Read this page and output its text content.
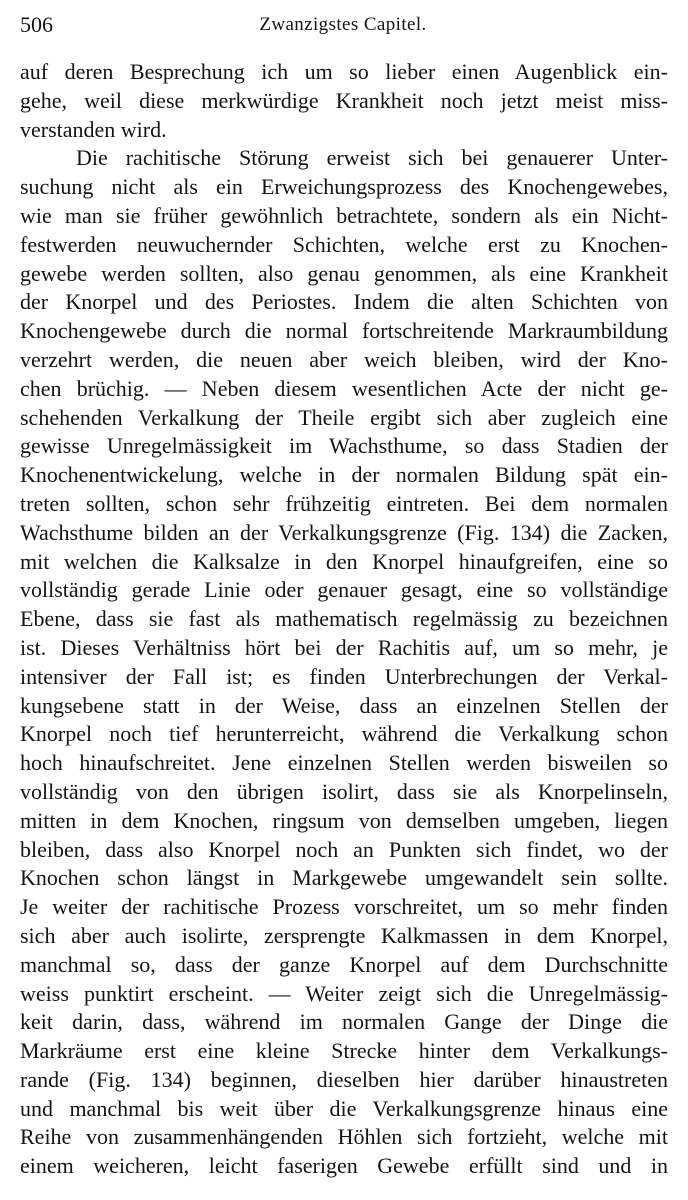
506	Zwanzigstes Capitel.
auf deren Besprechung ich um so lieber einen Augenblick ein-
gehe, weil diese merkwürdige Krankheit noch jetzt meist miss-
verstanden wird.
Die rachitische Störung erweist sich bei genauerer Unter-
suchung nicht als ein Erweichungsprozess des Knochengewebes,
wie man sie früher gewöhnlich betrachtete, sondern als ein Nicht-
festwerden neuwuchernder Schichten, welche erst zu Knochen-
gewebe werden sollten, also genau genommen, als eine Krankheit
der Knorpel und des Periostes. Indem die alten Schichten von
Knochengewebe durch die normal fortschreitende Markraumbildung
verzehrt werden, die neuen aber weich bleiben, wird der Kno-
chen brüchig. — Neben diesem wesentlichen Acte der nicht ge-
schehenden Verkalkung der Theile ergibt sich aber zugleich eine
gewisse Unregelmässigkeit im Wachsthume, so dass Stadien der
Knochenentwickelung, welche in der normalen Bildung spät ein-
treten sollten, schon sehr frühzeitig eintreten. Bei dem normalen
Wachsthume bilden an der Verkalkungsgrenze (Fig. 134) die Zacken,
mit welchen die Kalksalze in den Knorpel hinaufgreifen, eine so
vollständig gerade Linie oder genauer gesagt, eine so vollständige
Ebene, dass sie fast als mathematisch regelmässig zu bezeichnen
ist. Dieses Verhältniss hört bei der Rachitis auf, um so mehr, je
intensiver der Fall ist; es finden Unterbrechungen der Verkal-
kungsebene statt in der Weise, dass an einzelnen Stellen der
Knorpel noch tief herunterreicht, während die Verkalkung schon
hoch hinaufschreitet. Jene einzelnen Stellen werden bisweilen so
vollständig von den übrigen isolirt, dass sie als Knorpelinseln,
mitten in dem Knochen, ringsum von demselben umgeben, liegen
bleiben, dass also Knorpel noch an Punkten sich findet, wo der
Knochen schon längst in Markgewebe umgewandelt sein sollte.
Je weiter der rachitische Prozess vorschreitet, um so mehr finden
sich aber auch isolirte, zersprengte Kalkmassen in dem Knorpel,
manchmal so, dass der ganze Knorpel auf dem Durchschnitte
weiss punktirt erscheint. — Weiter zeigt sich die Unregelmässig-
keit darin, dass, während im normalen Gange der Dinge die
Markräume erst eine kleine Strecke hinter dem Verkalkungs-
rande (Fig. 134) beginnen, dieselben hier darüber hinaustreten
und manchmal bis weit über die Verkalkungsgrenze hinaus eine
Reihe von zusammenhängenden Höhlen sich fortzieht, welche mit
einem weicheren, leicht faserigen Gewebe erfüllt sind und in
